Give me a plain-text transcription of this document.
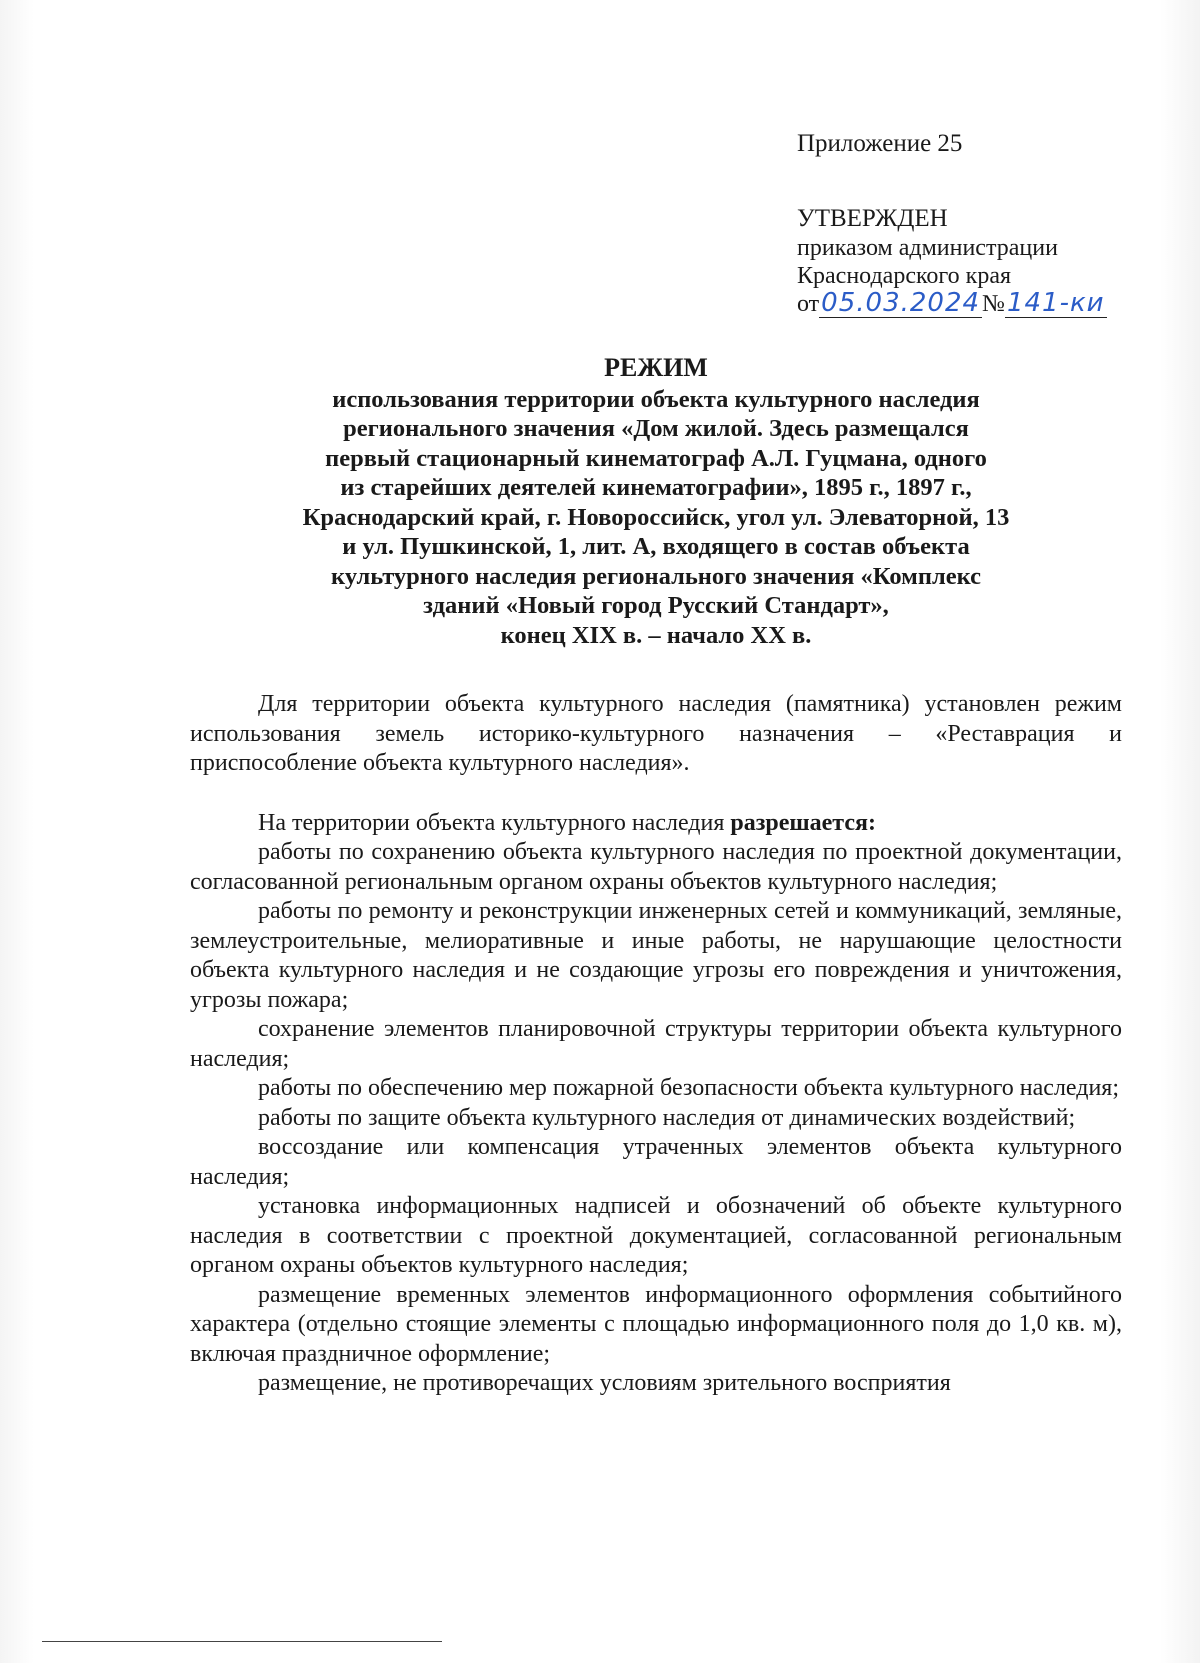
Приложение 25
УТВЕРЖДЕН
приказом администрации
Краснодарского края
от05.03.2024№141-ки
РЕЖИМ
использования территории объекта культурного наследия
регионального значения «Дом жилой. Здесь размещался
первый стационарный кинематограф А.Л. Гуцмана, одного
из старейших деятелей кинематографии», 1895 г., 1897 г.,
Краснодарский край, г. Новороссийск, угол ул. Элеваторной, 13
и ул. Пушкинской, 1, лит. А, входящего в состав объекта
культурного наследия регионального значения «Комплекс
зданий «Новый город Русский Стандарт»,
конец XIX в. – начало XX в.

Для территории объекта культурного наследия (памятника) установлен режим использования земель историко-культурного назначения – «Реставрация и приспособление объекта культурного наследия».

На территории объекта культурного наследия разрешается:

работы по сохранению объекта культурного наследия по проектной документации, согласованной региональным органом охраны объектов культурного наследия;

работы по ремонту и реконструкции инженерных сетей и коммуникаций, земляные, землеустроительные, мелиоративные и иные работы, не нарушающие целостности объекта культурного наследия и не создающие угрозы его повреждения и уничтожения, угрозы пожара;

сохранение элементов планировочной структуры территории объекта культурного наследия;

работы по обеспечению мер пожарной безопасности объекта культурного наследия;

работы по защите объекта культурного наследия от динамических воздействий;

воссоздание или компенсация утраченных элементов объекта культурного наследия;

установка информационных надписей и обозначений об объекте культурного наследия в соответствии с проектной документацией, согласованной региональным органом охраны объектов культурного наследия;

размещение временных элементов информационного оформления событийного характера (отдельно стоящие элементы с площадью информационного поля до 1,0 кв. м), включая праздничное оформление;

размещение, не противоречащих условиям зрительного восприятия
